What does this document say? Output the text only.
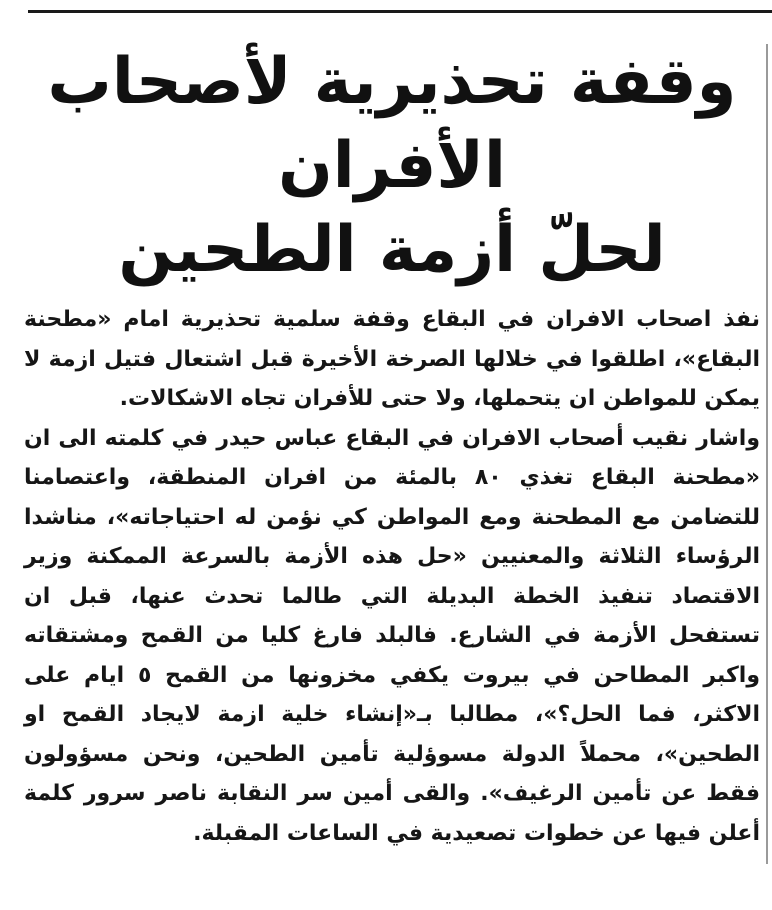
وقفة تحذيرية لأصحاب الأفران
لحلّ أزمة الطحين

نفذ اصحاب الافران في البقاع وقفة سلمية تحذيرية امام «مطحنة البقاع»، اطلقوا في خلالها الصرخة الأخيرة قبل اشتعال فتيل ازمة لا يمكن للمواطن ان يتحملها، ولا حتى للأفران تجاه الاشكالات.

واشار نقيب أصحاب الافران في البقاع عباس حيدر في كلمته الى ان «مطحنة البقاع تغذي ٨٠ بالمئة من افران المنطقة، واعتصامنا للتضامن مع المطحنة ومع المواطن كي نؤمن له احتياجاته»، مناشدا الرؤساء الثلاثة والمعنيين «حل هذه الأزمة بالسرعة الممكنة وزير الاقتصاد تنفيذ الخطة البديلة التي طالما تحدث عنها، قبل ان تستفحل الأزمة في الشارع. فالبلد فارغ كليا من القمح ومشتقاته واكبر المطاحن في بيروت يكفي مخزونها من القمح ٥ ايام على الاكثر، فما الحل؟»، مطالبا بـ«إنشاء خلية ازمة لايجاد القمح او الطحين»، محملاً الدولة مسوؤلية تأمين الطحين، ونحن مسؤولون فقط عن تأمين الرغيف». والقى أمين سر النقابة ناصر سرور كلمة أعلن فيها عن خطوات تصعيدية في الساعات المقبلة.
